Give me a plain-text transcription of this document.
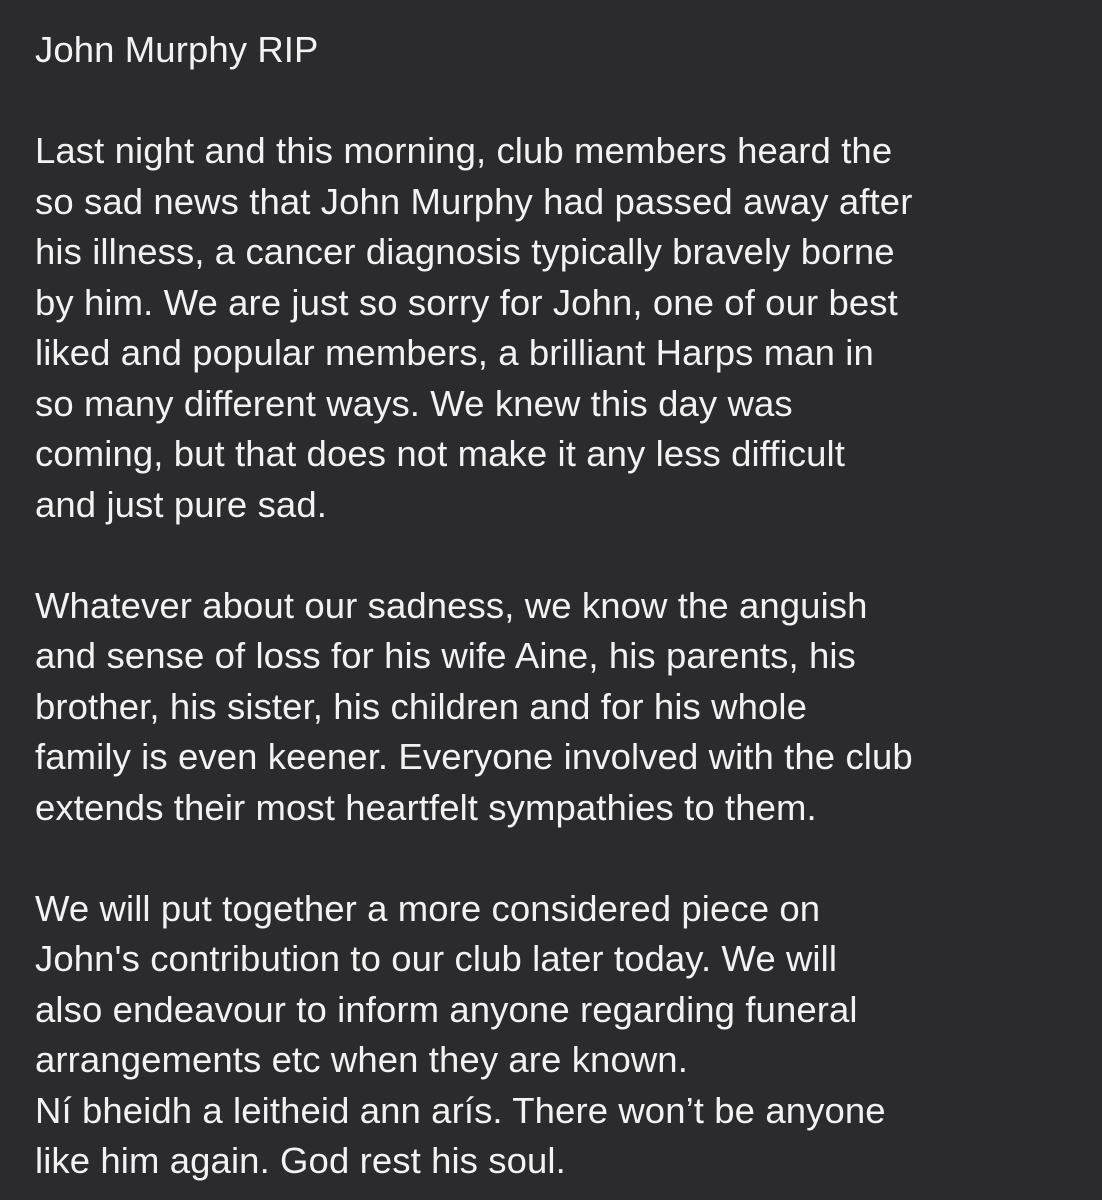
John Murphy RIP
Last night and this morning, club members heard the
so sad news that John Murphy had passed away after
his illness, a cancer diagnosis typically bravely borne
by him. We are just so sorry for John, one of our best
liked and popular members, a brilliant Harps man in
so many different ways. We knew this day was
coming, but that does not make it any less difficult
and just pure sad.
Whatever about our sadness, we know the anguish
and sense of loss for his wife Aine, his parents, his
brother, his sister, his children and for his whole
family is even keener. Everyone involved with the club
extends their most heartfelt sympathies to them.
We will put together a more considered piece on
John's contribution to our club later today. We will
also endeavour to inform anyone regarding funeral
arrangements etc when they are known.
Ní bheidh a leitheid ann arís. There won’t be anyone
like him again. God rest his soul.
